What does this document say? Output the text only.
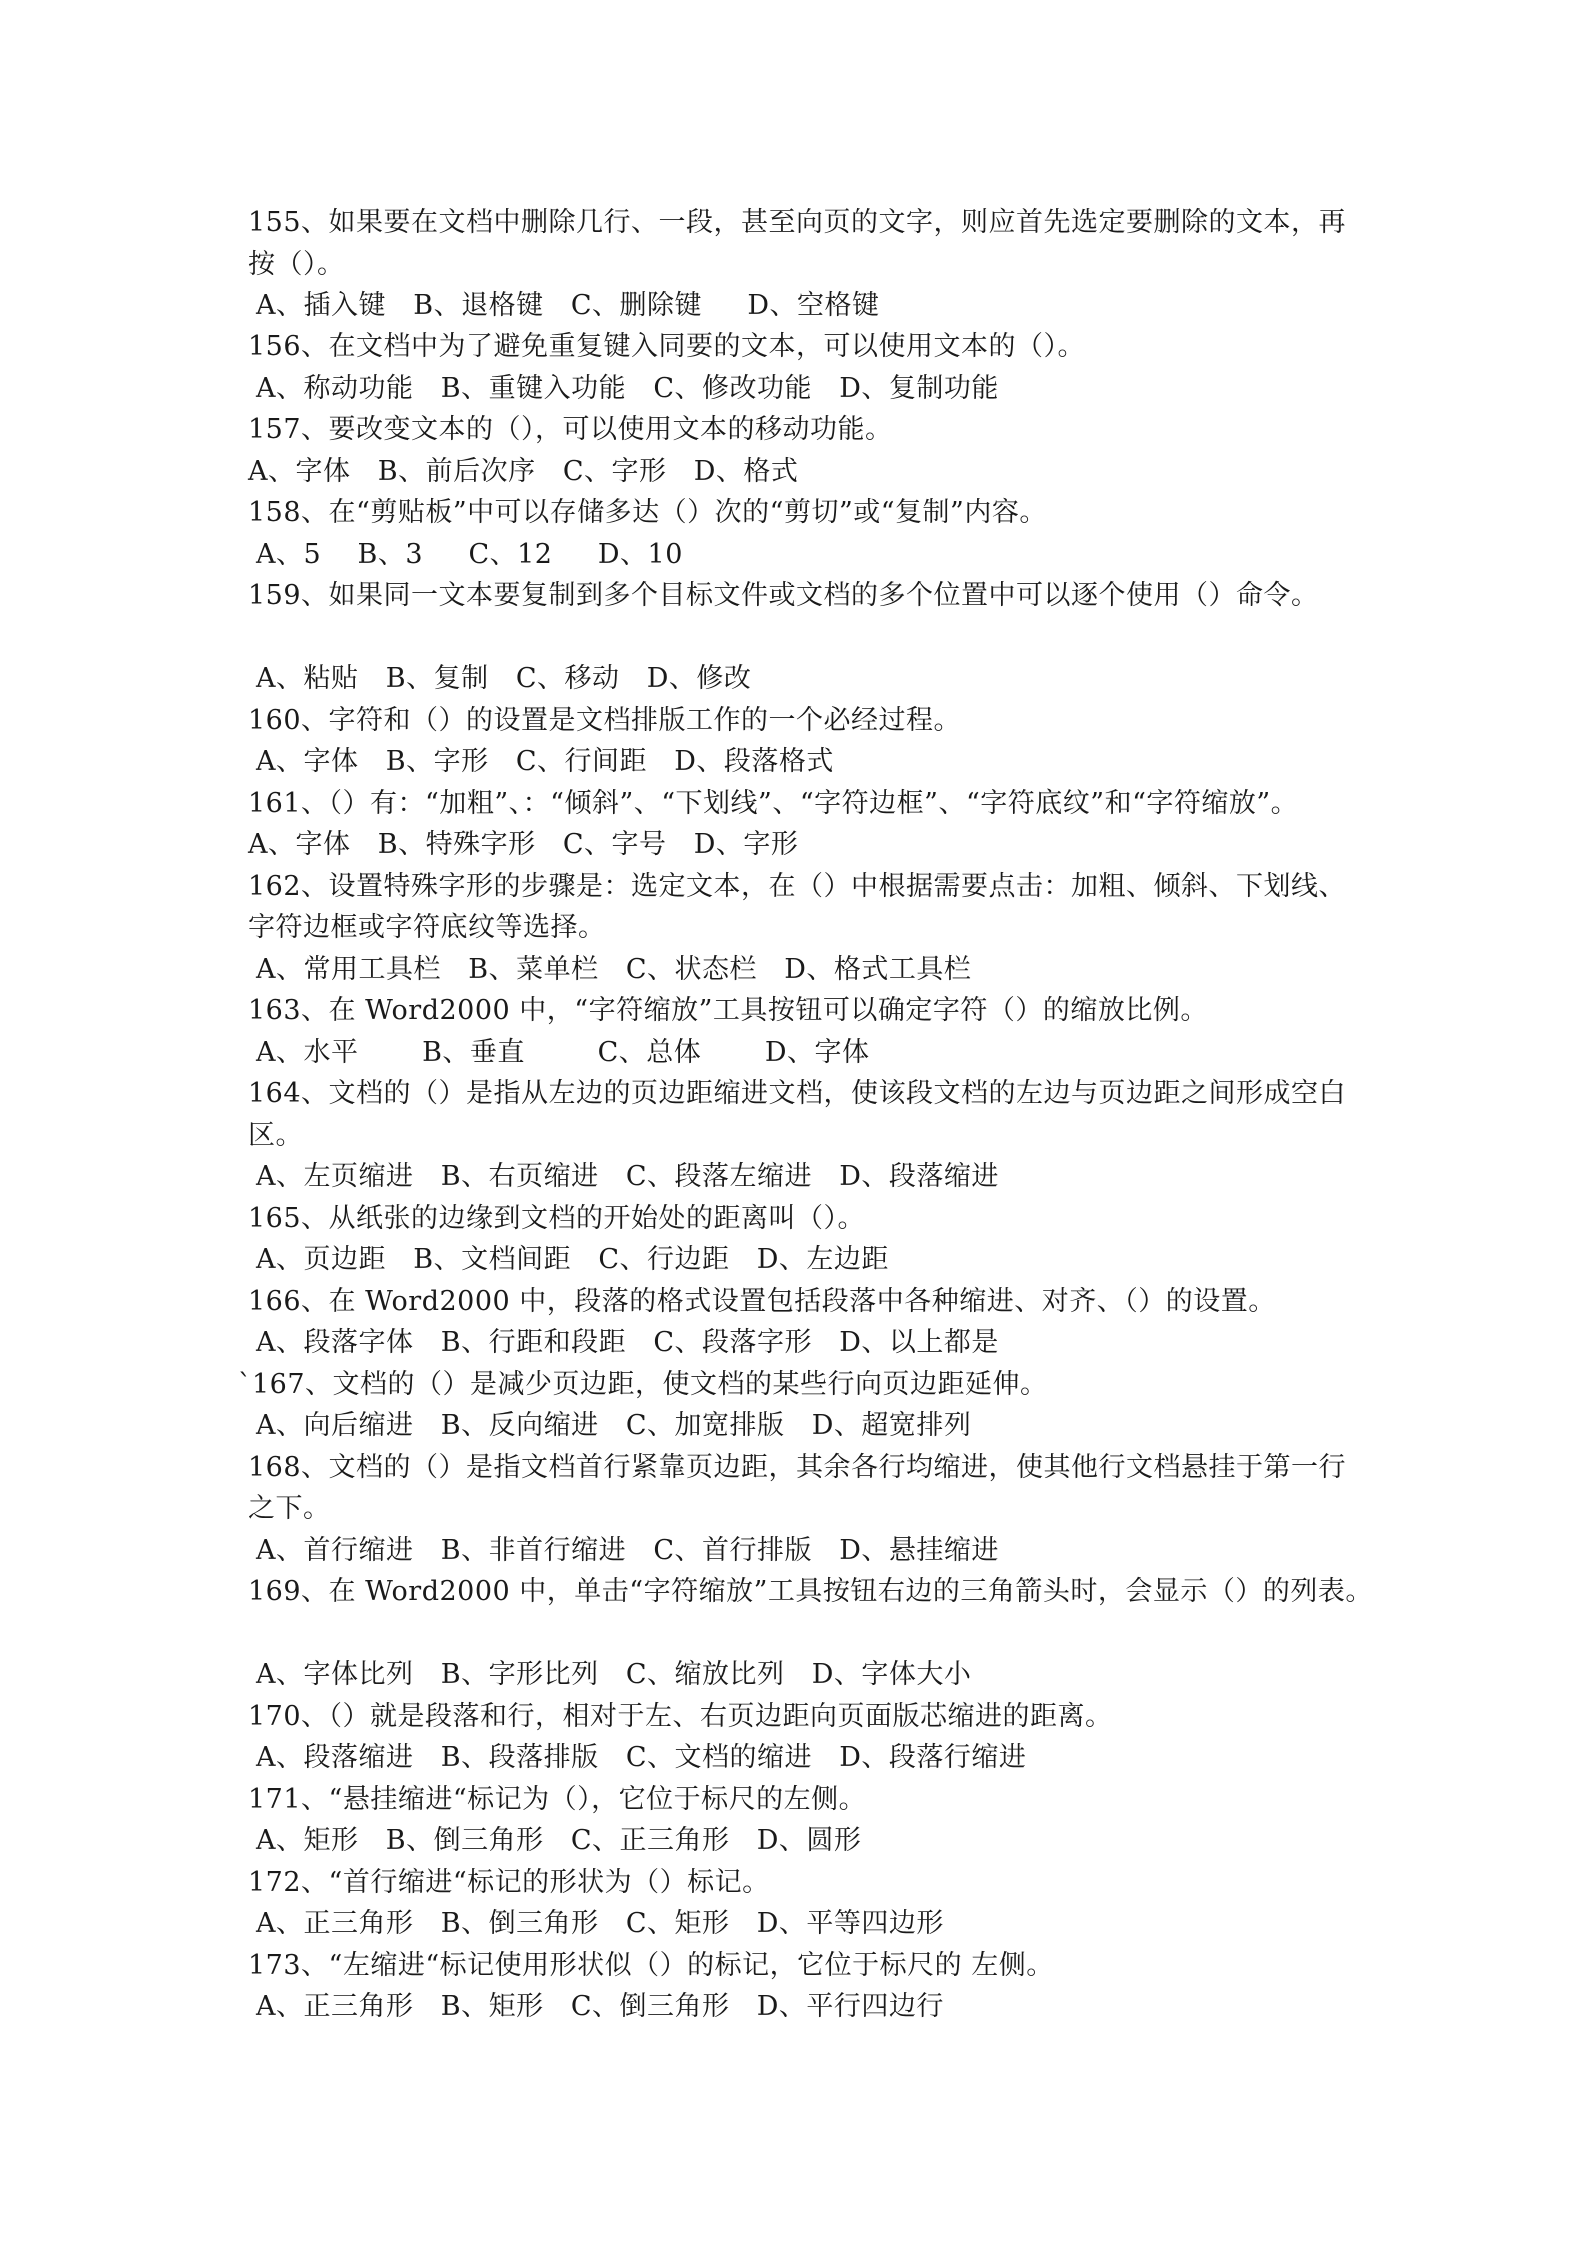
155、如果要在文档中删除几行、一段，甚至向页的文字，则应首先选定要删除的文本，再
按（）。
A、插入键   B、退格键   C、删除键     D、空格键
156、在文档中为了避免重复键入同要的文本，可以使用文本的（）。
A、称动功能   B、重键入功能   C、修改功能   D、复制功能
157、要改变文本的（），可以使用文本的移动功能。
A、字体   B、前后次序   C、字形   D、格式
158、在“剪贴板”中可以存储多达（）次的“剪切”或“复制”内容。
A、5    B、3     C、12     D、10
159、如果同一文本要复制到多个目标文件或文档的多个位置中可以逐个使用（）命令。
A、粘贴   B、复制   C、移动   D、修改
160、字符和（）的设置是文档排版工作的一个必经过程。
A、字体   B、字形   C、行间距   D、段落格式
161、（）有：“加粗”、：“倾斜”、“下划线”、“字符边框”、“字符底纹”和“字符缩放”。
A、字体   B、特殊字形   C、字号   D、字形
162、设置特殊字形的步骤是：选定文本，在（）中根据需要点击：加粗、倾斜、下划线、
字符边框或字符底纹等选择。
A、常用工具栏   B、菜单栏   C、状态栏   D、格式工具栏
163、在 Word2000 中，“字符缩放”工具按钮可以确定字符（）的缩放比例。
A、水平       B、垂直        C、总体       D、字体
164、文档的（）是指从左边的页边距缩进文档，使该段文档的左边与页边距之间形成空白
区。
A、左页缩进   B、右页缩进   C、段落左缩进   D、段落缩进
165、从纸张的边缘到文档的开始处的距离叫（）。
A、页边距   B、文档间距   C、行边距   D、左边距
166、在 Word2000 中，段落的格式设置包括段落中各种缩进、对齐、（）的设置。
A、段落字体   B、行距和段距   C、段落字形   D、以上都是
`167、文档的（）是减少页边距，使文档的某些行向页边距延伸。
A、向后缩进   B、反向缩进   C、加宽排版   D、超宽排列
168、文档的（）是指文档首行紧靠页边距，其余各行均缩进，使其他行文档悬挂于第一行
之下。
A、首行缩进   B、非首行缩进   C、首行排版   D、悬挂缩进
169、在 Word2000 中，单击“字符缩放”工具按钮右边的三角箭头时，会显示（）的列表。
A、字体比列   B、字形比列   C、缩放比列   D、字体大小
170、（）就是段落和行，相对于左、右页边距向页面版芯缩进的距离。
A、段落缩进   B、段落排版   C、文档的缩进   D、段落行缩进
171、“悬挂缩进“标记为（），它位于标尺的左侧。
A、矩形   B、倒三角形   C、正三角形   D、圆形
172、“首行缩进“标记的形状为（）标记。
A、正三角形   B、倒三角形   C、矩形   D、平等四边形
173、“左缩进“标记使用形状似（）的标记，它位于标尺的 左侧。
A、正三角形   B、矩形   C、倒三角形   D、平行四边行
